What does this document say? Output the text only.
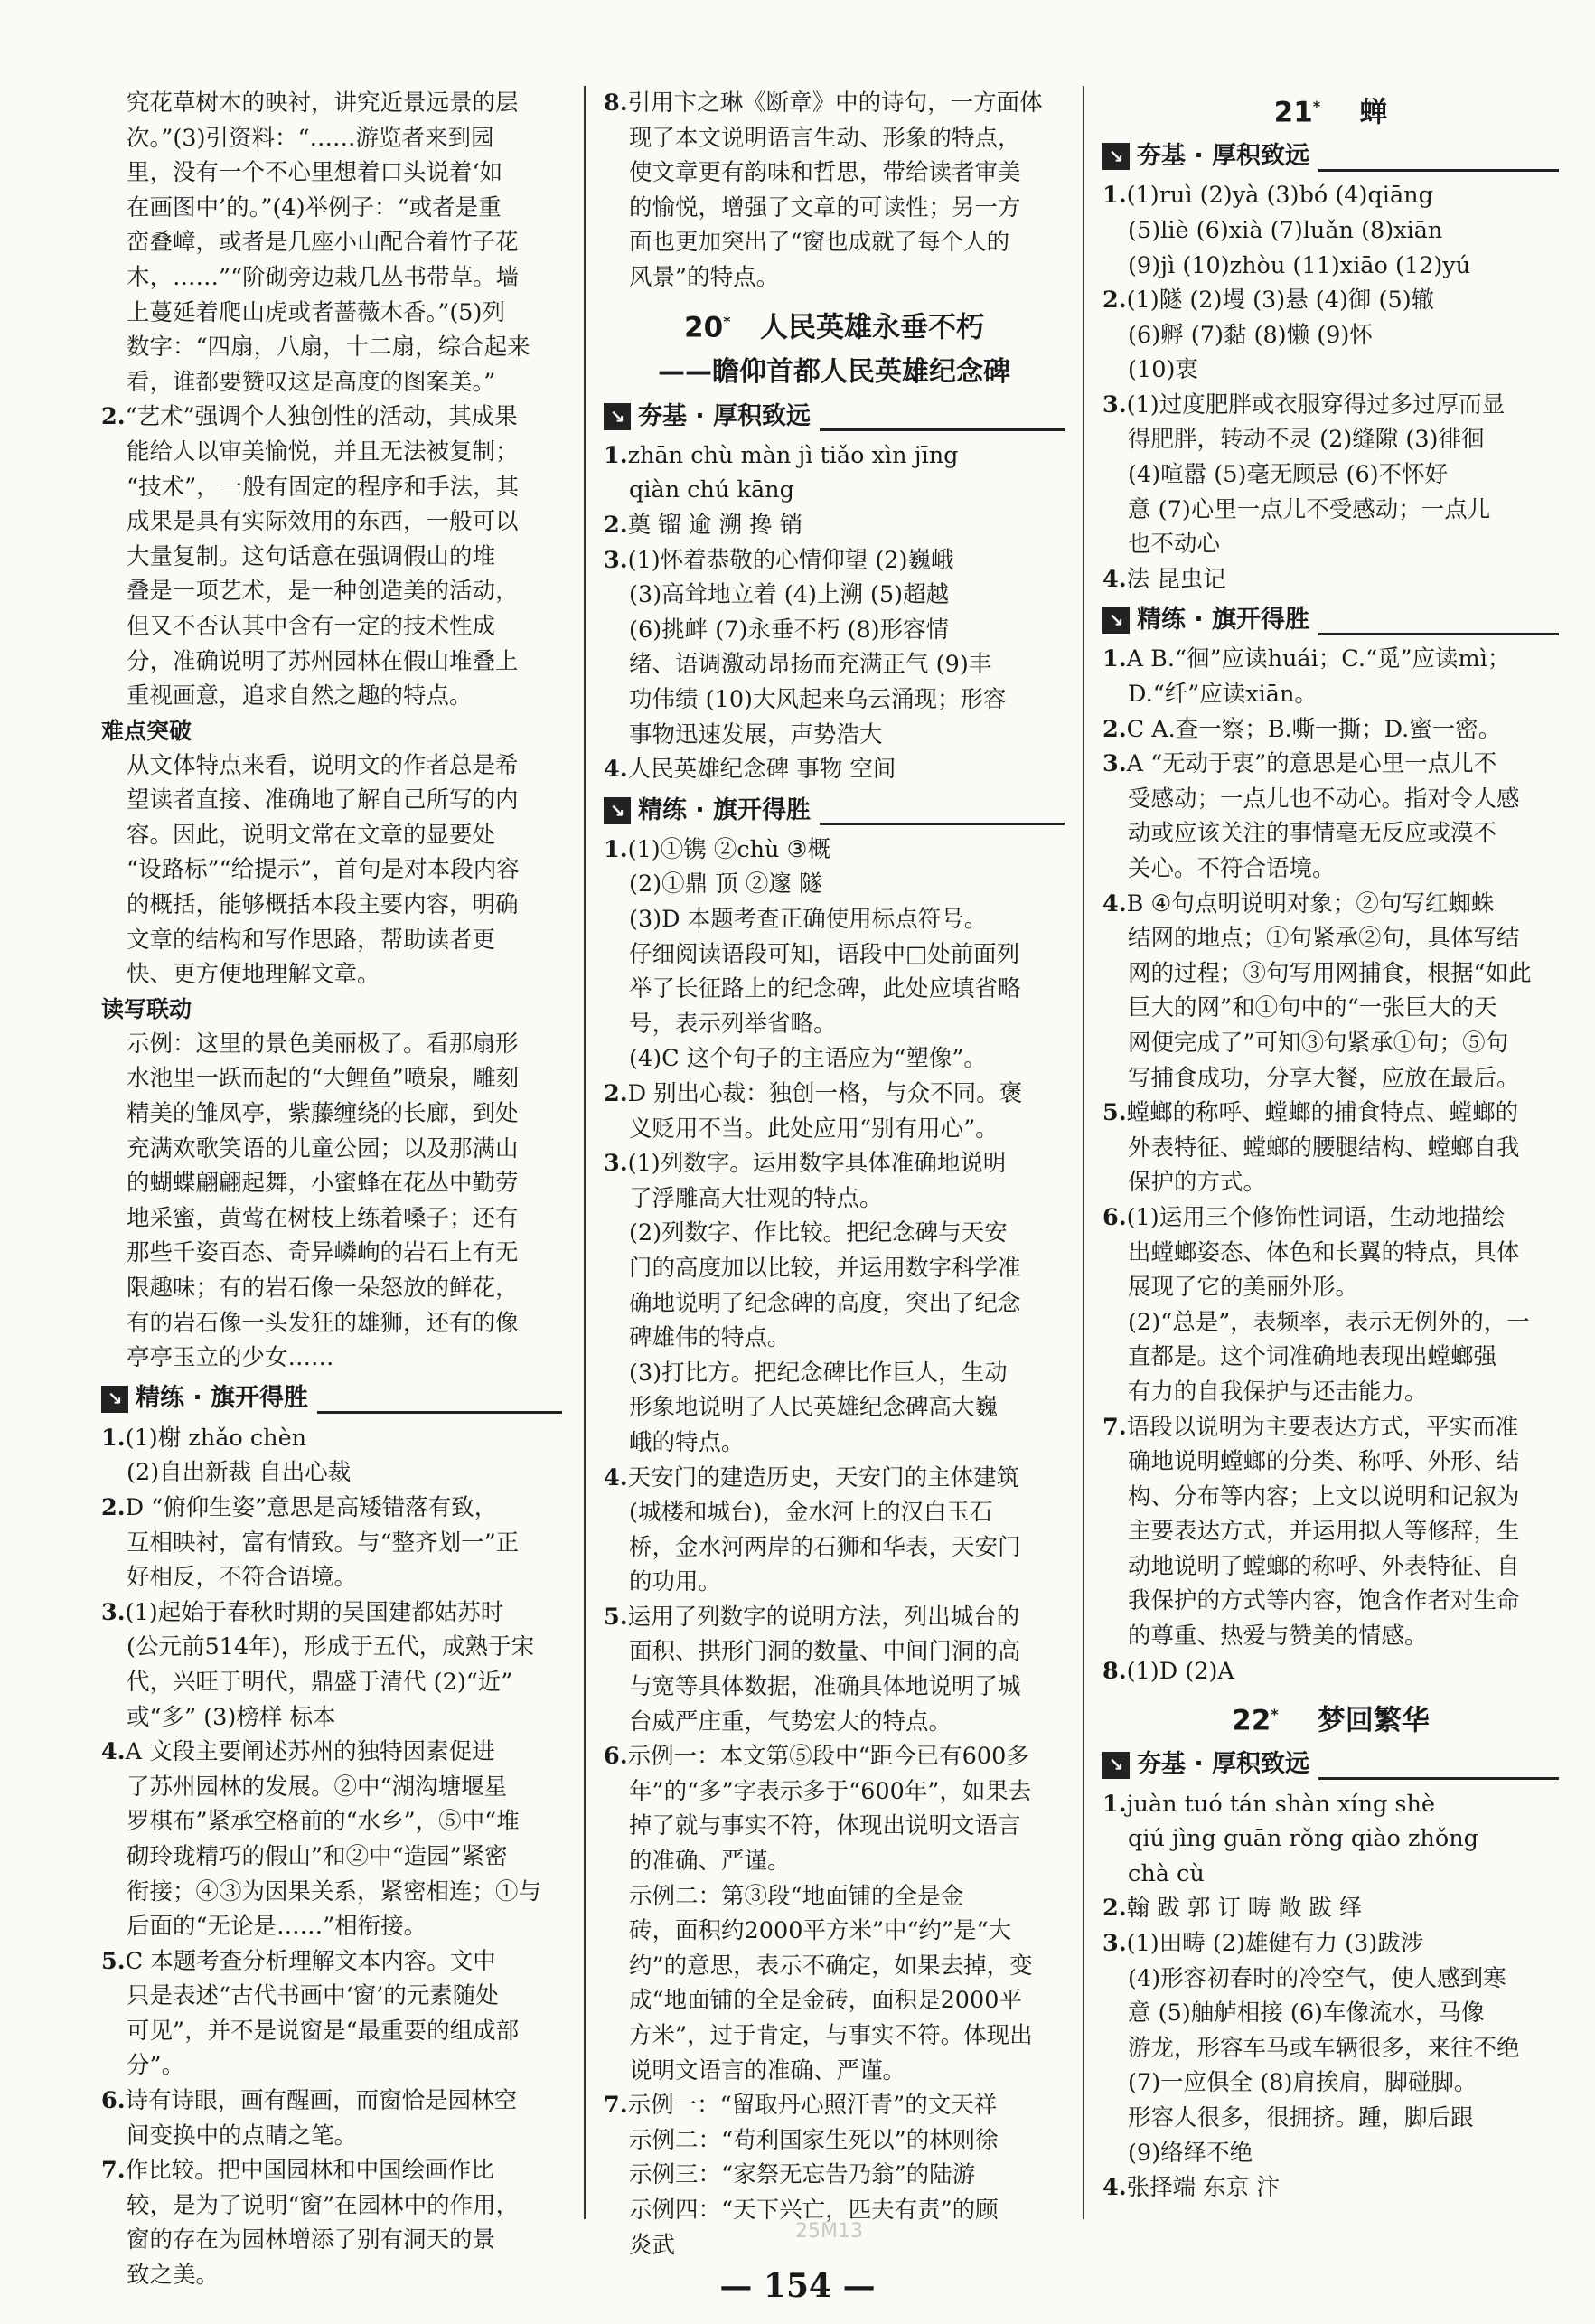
究花草树木的映衬，讲究近景远景的层
次。”(3)引资料：“……游览者来到园
里，没有一个不心里想着口头说着‘如
在画图中’的。”(4)举例子：“或者是重
峦叠嶂，或者是几座小山配合着竹子花
木，……”“阶砌旁边栽几丛书带草。墙
上蔓延着爬山虎或者蔷薇木香。”(5)列
数字：“四扇，八扇，十二扇，综合起来
看，谁都要赞叹这是高度的图案美。”
2.“艺术”强调个人独创性的活动，其成果
能给人以审美愉悦，并且无法被复制；
“技术”，一般有固定的程序和手法，其
成果是具有实际效用的东西，一般可以
大量复制。这句话意在强调假山的堆
叠是一项艺术，是一种创造美的活动，
但又不否认其中含有一定的技术性成
分，准确说明了苏州园林在假山堆叠上
重视画意，追求自然之趣的特点。
难点突破
从文体特点来看，说明文的作者总是希
望读者直接、准确地了解自己所写的内
容。因此，说明文常在文章的显要处
“设路标”“给提示”，首句是对本段内容
的概括，能够概括本段主要内容，明确
文章的结构和写作思路，帮助读者更
快、更方便地理解文章。
读写联动
示例：这里的景色美丽极了。看那扇形
水池里一跃而起的“大鲤鱼”喷泉，雕刻
精美的雏凤亭，紫藤缠绕的长廊，到处
充满欢歌笑语的儿童公园；以及那满山
的蝴蝶翩翩起舞，小蜜蜂在花丛中勤劳
地采蜜，黄莺在树枝上练着嗓子；还有
那些千姿百态、奇异嶙峋的岩石上有无
限趣味；有的岩石像一朵怒放的鲜花，
有的岩石像一头发狂的雄狮，还有的像
亭亭玉立的少女……
↘ 精练 · 旗开得胜
1.(1)榭 zhǎo chèn
(2)自出新裁 自出心裁
2.D “俯仰生姿”意思是高矮错落有致，
互相映衬，富有情致。与“整齐划一”正
好相反，不符合语境。
3.(1)起始于春秋时期的吴国建都姑苏时
(公元前514年)，形成于五代，成熟于宋
代，兴旺于明代，鼎盛于清代 (2)“近”
或“多” (3)榜样 标本
4.A 文段主要阐述苏州的独特因素促进
了苏州园林的发展。②中“湖沟塘堰星
罗棋布”紧承空格前的“水乡”，⑤中“堆
砌玲珑精巧的假山”和②中“造园”紧密
衔接；④③为因果关系，紧密相连；①与
后面的“无论是……”相衔接。
5.C 本题考查分析理解文本内容。文中
只是表述“古代书画中‘窗’的元素随处
可见”，并不是说窗是“最重要的组成部
分”。
6.诗有诗眼，画有醒画，而窗恰是园林空
间变换中的点睛之笔。
7.作比较。把中国园林和中国绘画作比
较，是为了说明“窗”在园林中的作用，
窗的存在为园林增添了别有洞天的景
致之美。
8.引用卞之琳《断章》中的诗句，一方面体
现了本文说明语言生动、形象的特点，
使文章更有韵味和哲思，带给读者审美
的愉悦，增强了文章的可读性；另一方
面也更加突出了“窗也成就了每个人的
风景”的特点。
20* 人民英雄永垂不朽
——瞻仰首都人民英雄纪念碑
↘ 夯基 · 厚积致远
1.zhān chù màn jì tiǎo xìn jīng
qiàn chú kāng
2.奠 镏 逾 溯 搀 销
3.(1)怀着恭敬的心情仰望 (2)巍峨
(3)高耸地立着 (4)上溯 (5)超越
(6)挑衅 (7)永垂不朽 (8)形容情
绪、语调激动昂扬而充满正气 (9)丰
功伟绩 (10)大风起来乌云涌现；形容
事物迅速发展，声势浩大
4.人民英雄纪念碑 事物 空间
↘ 精练 · 旗开得胜
1.(1)①镌 ②chù ③概
(2)①鼎 顶 ②邃 隧
(3)D 本题考查正确使用标点符号。
仔细阅读语段可知，语段中□处前面列
举了长征路上的纪念碑，此处应填省略
号，表示列举省略。
(4)C 这个句子的主语应为“塑像”。
2.D 别出心裁：独创一格，与众不同。褒
义贬用不当。此处应用“别有用心”。
3.(1)列数字。运用数字具体准确地说明
了浮雕高大壮观的特点。
(2)列数字、作比较。把纪念碑与天安
门的高度加以比较，并运用数字科学准
确地说明了纪念碑的高度，突出了纪念
碑雄伟的特点。
(3)打比方。把纪念碑比作巨人，生动
形象地说明了人民英雄纪念碑高大巍
峨的特点。
4.天安门的建造历史，天安门的主体建筑
(城楼和城台)，金水河上的汉白玉石
桥，金水河两岸的石狮和华表，天安门
的功用。
5.运用了列数字的说明方法，列出城台的
面积、拱形门洞的数量、中间门洞的高
与宽等具体数据，准确具体地说明了城
台威严庄重，气势宏大的特点。
6.示例一：本文第⑤段中“距今已有600多
年”的“多”字表示多于“600年”，如果去
掉了就与事实不符，体现出说明文语言
的准确、严谨。
示例二：第③段“地面铺的全是金
砖，面积约2000平方米”中“约”是“大
约”的意思，表示不确定，如果去掉，变
成“地面铺的全是金砖，面积是2000平
方米”，过于肯定，与事实不符。体现出
说明文语言的准确、严谨。
7.示例一：“留取丹心照汗青”的文天祥
示例二：“苟利国家生死以”的林则徐
示例三：“家祭无忘告乃翁”的陆游
示例四：“天下兴亡，匹夫有责”的顾
炎武
21* 蝉
↘ 夯基 · 厚积致远
1.(1)ruì (2)yà (3)bó (4)qiāng
(5)liè (6)xià (7)luǎn (8)xiān
(9)jì (10)zhòu (11)xiāo (12)yú
2.(1)隧 (2)墁 (3)悬 (4)御 (5)辙
(6)孵 (7)黏 (8)懒 (9)怀
(10)衷
3.(1)过度肥胖或衣服穿得过多过厚而显
得肥胖，转动不灵 (2)缝隙 (3)徘徊
(4)喧嚣 (5)毫无顾忌 (6)不怀好
意 (7)心里一点儿不受感动；一点儿
也不动心
4.法 昆虫记
↘ 精练 · 旗开得胜
1.A B.“徊”应读huái；C.“觅”应读mì；
D.“纤”应读xiān。
2.C A.查一察；B.嘶一撕；D.蜜一密。
3.A “无动于衷”的意思是心里一点儿不
受感动；一点儿也不动心。指对令人感
动或应该关注的事情毫无反应或漠不
关心。不符合语境。
4.B ④句点明说明对象；②句写红蜘蛛
结网的地点；①句紧承②句，具体写结
网的过程；③句写用网捕食，根据“如此
巨大的网”和①句中的“一张巨大的天
网便完成了”可知③句紧承①句；⑤句
写捕食成功，分享大餐，应放在最后。
5.螳螂的称呼、螳螂的捕食特点、螳螂的
外表特征、螳螂的腰腿结构、螳螂自我
保护的方式。
6.(1)运用三个修饰性词语，生动地描绘
出螳螂姿态、体色和长翼的特点，具体
展现了它的美丽外形。
(2)“总是”，表频率，表示无例外的，一
直都是。这个词准确地表现出螳螂强
有力的自我保护与还击能力。
7.语段以说明为主要表达方式，平实而准
确地说明螳螂的分类、称呼、外形、结
构、分布等内容；上文以说明和记叙为
主要表达方式，并运用拟人等修辞，生
动地说明了螳螂的称呼、外表特征、自
我保护的方式等内容，饱含作者对生命
的尊重、热爱与赞美的情感。
8.(1)D (2)A
22* 梦回繁华
↘ 夯基 · 厚积致远
1.juàn tuó tán shàn xíng shè
qiú jìng guān rǒng qiào zhǒng
chà cù
2.翰 跋 郭 订 畴 敞 跋 绎
3.(1)田畴 (2)雄健有力 (3)跋涉
(4)形容初春时的冷空气，使人感到寒
意 (5)舳舻相接 (6)车像流水，马像
游龙，形容车马或车辆很多，来往不绝
(7)一应俱全 (8)肩挨肩，脚碰脚。
形容人很多，很拥挤。踵，脚后跟
(9)络绎不绝
4.张择端 东京 汴
25M13
— 154 —
